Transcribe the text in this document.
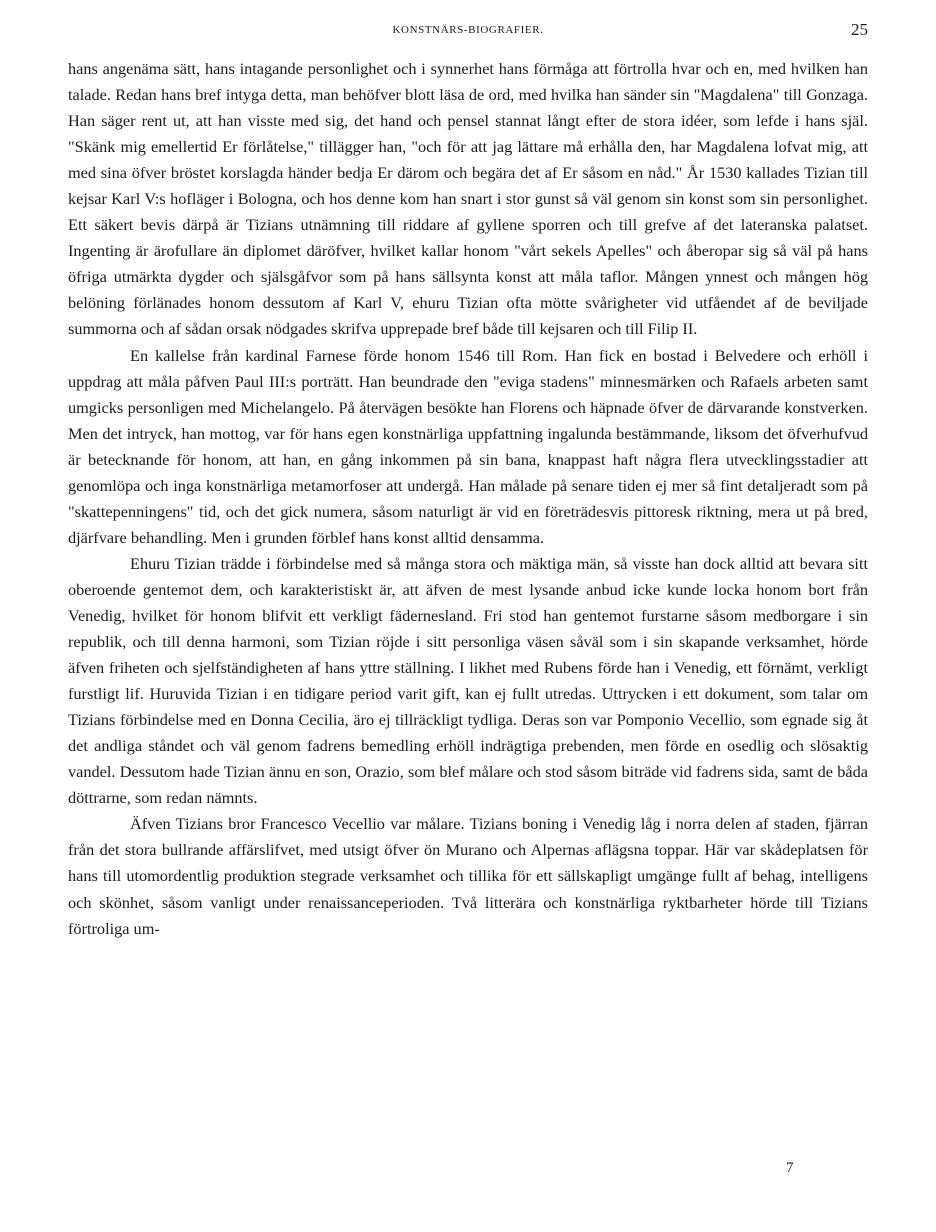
KONSTNÄRS-BIOGRAFIER.	25

hans angenäma sätt, hans intagande personlighet och i synnerhet hans förmåga att förtrolla hvar och en, med hvilken han talade. Redan hans bref intyga detta, man behöfver blott läsa de ord, med hvilka han sänder sin "Magdalena" till Gonzaga. Han säger rent ut, att han visste med sig, det hand och pensel stannat långt efter de stora idéer, som lefde i hans själ. "Skänk mig emellertid Er förlåtelse," tillägger han, "och för att jag lättare må erhålla den, har Magdalena lofvat mig, att med sina öfver bröstet korslagda händer bedja Er därom och begära det af Er såsom en nåd." År 1530 kallades Tizian till kejsar Karl V:s hofläger i Bologna, och hos denne kom han snart i stor gunst så väl genom sin konst som sin personlighet. Ett säkert bevis därpå är Tizians utnämning till riddare af gyllene sporren och till grefve af det lateranska palatset. Ingenting är ärofullare än diplomet däröfver, hvilket kallar honom "vårt sekels Apelles" och åberopar sig så väl på hans öfriga utmärkta dygder och själsgåfvor som på hans sällsynta konst att måla taflor. Mången ynnest och mången hög belöning förlänades honom dessutom af Karl V, ehuru Tizian ofta mötte svårigheter vid utfåendet af de beviljade summorna och af sådan orsak nödgades skrifva upprepade bref både till kejsaren och till Filip II.

En kallelse från kardinal Farnese förde honom 1546 till Rom. Han fick en bostad i Belvedere och erhöll i uppdrag att måla påfven Paul III:s porträtt. Han beundrade den "eviga stadens" minnesmärken och Rafaels arbeten samt umgicks personligen med Michelangelo. På återvägen besökte han Florens och häpnade öfver de därvarande konstverken. Men det intryck, han mottog, var för hans egen konstnärliga uppfattning ingalunda bestämmande, liksom det öfverhufvud är betecknande för honom, att han, en gång inkommen på sin bana, knappast haft några flera utvecklingsstadier att genomlöpa och inga konstnärliga metamorfoser att undergå. Han målade på senare tiden ej mer så fint detaljeradt som på "skattepenningens" tid, och det gick numera, såsom naturligt är vid en företrädesvis pittoresk riktning, mera ut på bred, djärfvare behandling. Men i grunden förblef hans konst alltid densamma.

Ehuru Tizian trädde i förbindelse med så många stora och mäktiga män, så visste han dock alltid att bevara sitt oberoende gentemot dem, och karakteristiskt är, att äfven de mest lysande anbud icke kunde locka honom bort från Venedig, hvilket för honom blifvit ett verkligt fädernesland. Fri stod han gentemot furstarne såsom medborgare i sin republik, och till denna harmoni, som Tizian röjde i sitt personliga väsen såväl som i sin skapande verksamhet, hörde äfven friheten och sjelfständigheten af hans yttre ställning. I likhet med Rubens förde han i Venedig, ett förnämt, verkligt furstligt lif. Huruvida Tizian i en tidigare period varit gift, kan ej fullt utredas. Uttrycken i ett dokument, som talar om Tizians förbindelse med en Donna Cecilia, äro ej tillräckligt tydliga. Deras son var Pomponio Vecellio, som egnade sig åt det andliga ståndet och väl genom fadrens bemedling erhöll indrägtiga prebenden, men förde en osedlig och slösaktig vandel. Dessutom hade Tizian ännu en son, Orazio, som blef målare och stod såsom biträde vid fadrens sida, samt de båda döttrarne, som redan nämnts.

Äfven Tizians bror Francesco Vecellio var målare. Tizians boning i Venedig låg i norra delen af staden, fjärran från det stora bullrande affärslifvet, med utsigt öfver ön Murano och Alpernas aflägsna toppar. Här var skådeplatsen för hans till utomordentlig produktion stegrade verksamhet och tillika för ett sällskapligt umgänge fullt af behag, intelligens och skönhet, såsom vanligt under renaissanceperioden. Två litterära och konstnärliga ryktbarheter hörde till Tizians förtroliga um-

7
